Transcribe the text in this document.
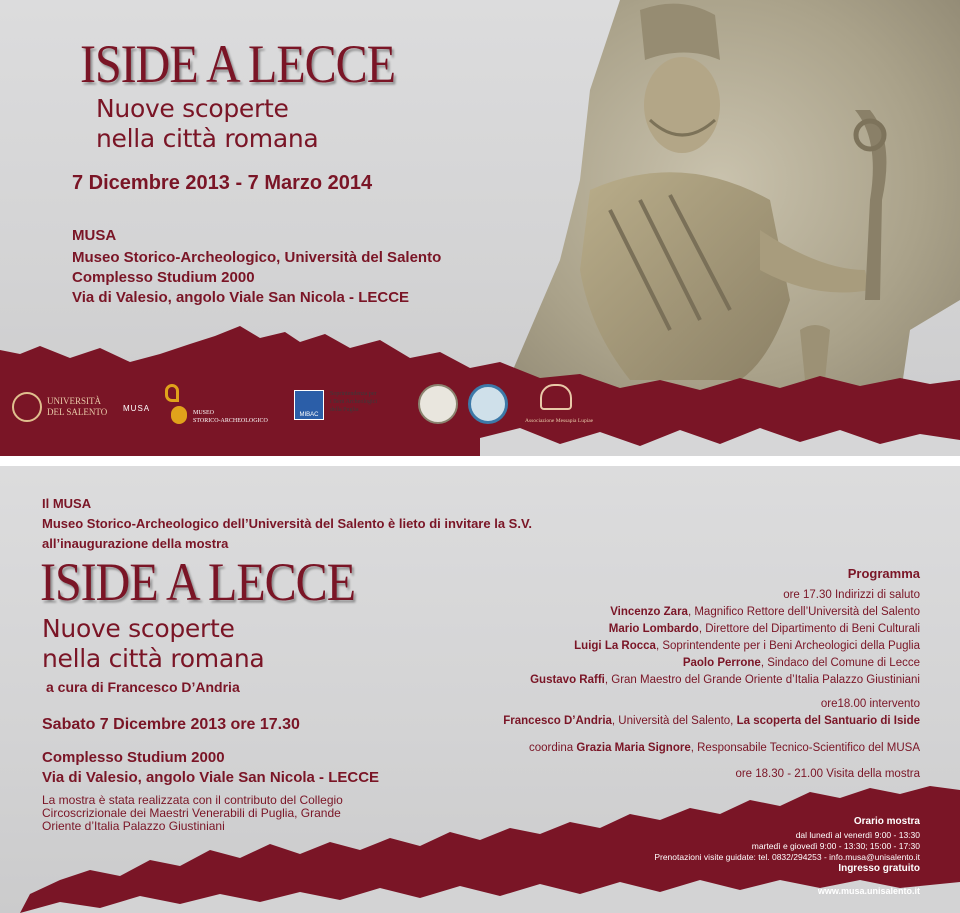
ISIDE A LECCE
Nuove scoperte
nella città romana
7 Dicembre 2013 - 7 Marzo 2014
MUSA
Museo Storico-Archeologico, Università del Salento
Complesso Studium 2000
Via di Valesio, angolo Viale San Nicola - LECCE
UNIVERSITÀ
DEL SALENTO MUSA	MUSEO
STORICO-ARCHEOLOGICO
MIBAC
Soprintendenza per
i Beni Archeologici
della Puglia
Associazione Messapia Lupiae
Il MUSA
Museo Storico-Archeologico dell’Università del Salento è lieto di invitare la S.V.
all’inaugurazione della mostra
ISIDE A LECCE
Nuove scoperte
nella città romana
a cura di Francesco D’Andria
Sabato 7 Dicembre 2013 ore 17.30
Complesso Studium 2000
Via di Valesio, angolo Viale San Nicola - LECCE
La mostra è stata realizzata con il contributo del Collegio
Circoscrizionale dei Maestri Venerabili di Puglia, Grande
Oriente d’Italia Palazzo Giustiniani
Programma
ore 17.30 Indirizzi di saluto
Vincenzo Zara, Magnifico Rettore dell’Università del Salento
Mario Lombardo, Direttore del Dipartimento di Beni Culturali
Luigi La Rocca, Soprintendente per i Beni Archeologici della Puglia
Paolo Perrone, Sindaco del Comune di Lecce
Gustavo Raffi, Gran Maestro del Grande Oriente d’Italia Palazzo Giustiniani
ore18.00 intervento
Francesco D’Andria, Università del Salento, La scoperta del Santuario di Iside
coordina Grazia Maria Signore, Responsabile Tecnico-Scientifico del MUSA
ore 18.30 - 21.00 Visita della mostra
Orario mostra
dal lunedì al venerdì 9:00 - 13:30
martedì e giovedì 9:00 - 13:30; 15:00 - 17:30
Prenotazioni visite guidate: tel. 0832/294253 - info.musa@unisalento.it
Ingresso gratuito
www.musa.unisalento.it
